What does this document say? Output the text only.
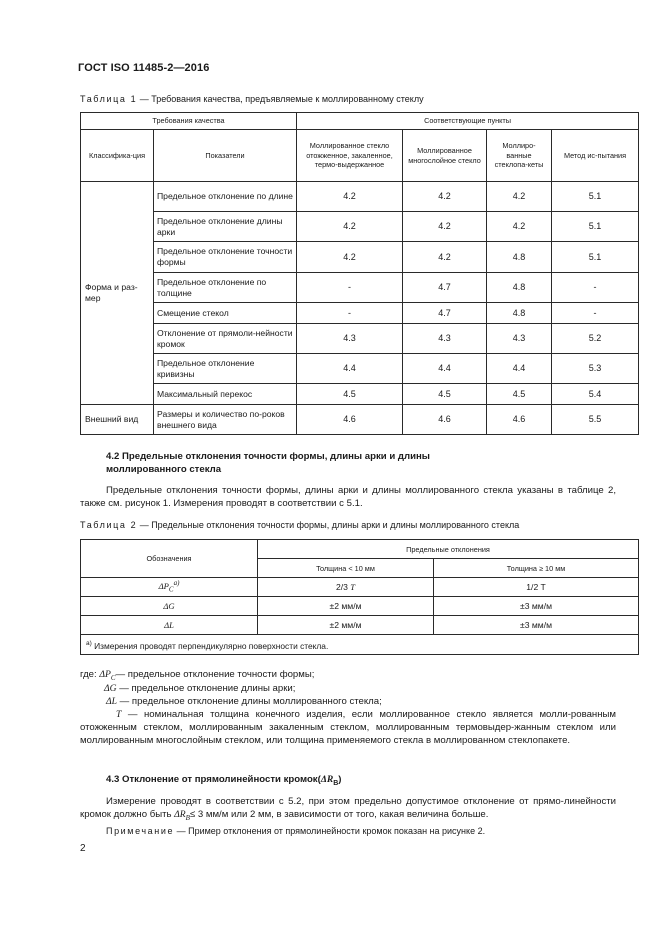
ГОСТ ISO 11485-2—2016
Таблица 1 — Требования качества, предъявляемые к моллированному стеклу
Требования качества		Соответствующие пункты			
Классифика-ция	Показатели	Моллированное стекло отожженное, закаленное, термо-выдержанное	Моллированное многослойное стекло	Моллиро-ванные стеклопа-кеты	Метод ис-пытания
Форма и раз-мер	Предельное отклонение по длине	4.2	4.2	4.2	5.1
	Предельное отклонение длины арки	4.2	4.2	4.2	5.1
	Предельное отклонение точности формы	4.2	4.2	4.8	5.1
	Предельное отклонение по толщине	-	4.7	4.8	-
	Смещение стекол	-	4.7	4.8	-
	Отклонение от прямоли-нейности кромок	4.3	4.3	4.3	5.2
	Предельное отклонение кривизны	4.4	4.4	4.4	5.3
	Максимальный перекос	4.5	4.5	4.5	5.4
Внешний вид	Размеры и количество по-роков внешнего вида	4.6	4.6	4.6	5.5
4.2 Предельные отклонения точности формы, длины арки и длины
моллированного стекла
Предельные отклонения точности формы, длины арки и длины моллированного стекла указаны в таблице 2, также см. рисунок 1. Измерения проводят в соответствии с 5.1.
Таблица 2 — Предельные отклонения точности формы, длины арки и длины моллированного стекла
Обозначения	Предельные отклонения	
	Толщина < 10 мм	Толщина ≥ 10 мм
$\Delta P_C^{a)}$	2/3 T	1/2 T
ΔG	±2 мм/м	±3 мм/м
ΔL	±2 мм/м	±3 мм/м
$^{a)}$ Измерения проводят перпендикулярно поверхности стекла.		
где: $\Delta P_C—$ предельное отклонение точности формы;
ΔG — предельное отклонение длины арки;
ΔL — предельное отклонение длины моллированного стекла;
T — номинальная толщина конечного изделия, если моллированное стекло является молли-рованным отожженным стеклом, моллированным закаленным стеклом, моллированным термовыдер-жанным стеклом или моллированным многослойным стеклом, или толщина применяемого стекла в моллированном стеклопакете.
4.3 Отклонение от прямолинейности $кромок(\Delta R_B)$
Измерение проводят в соответствии с 5.2, при этом предельно допустимое отклонение от прямо-линейности кромок должно быть $\Delta R_B\le 3$ мм/м или 2 мм, в зависимости от того, какая величина больше.
Примечание — Пример отклонения от прямолинейности кромок показан на рисунке 2.
2
